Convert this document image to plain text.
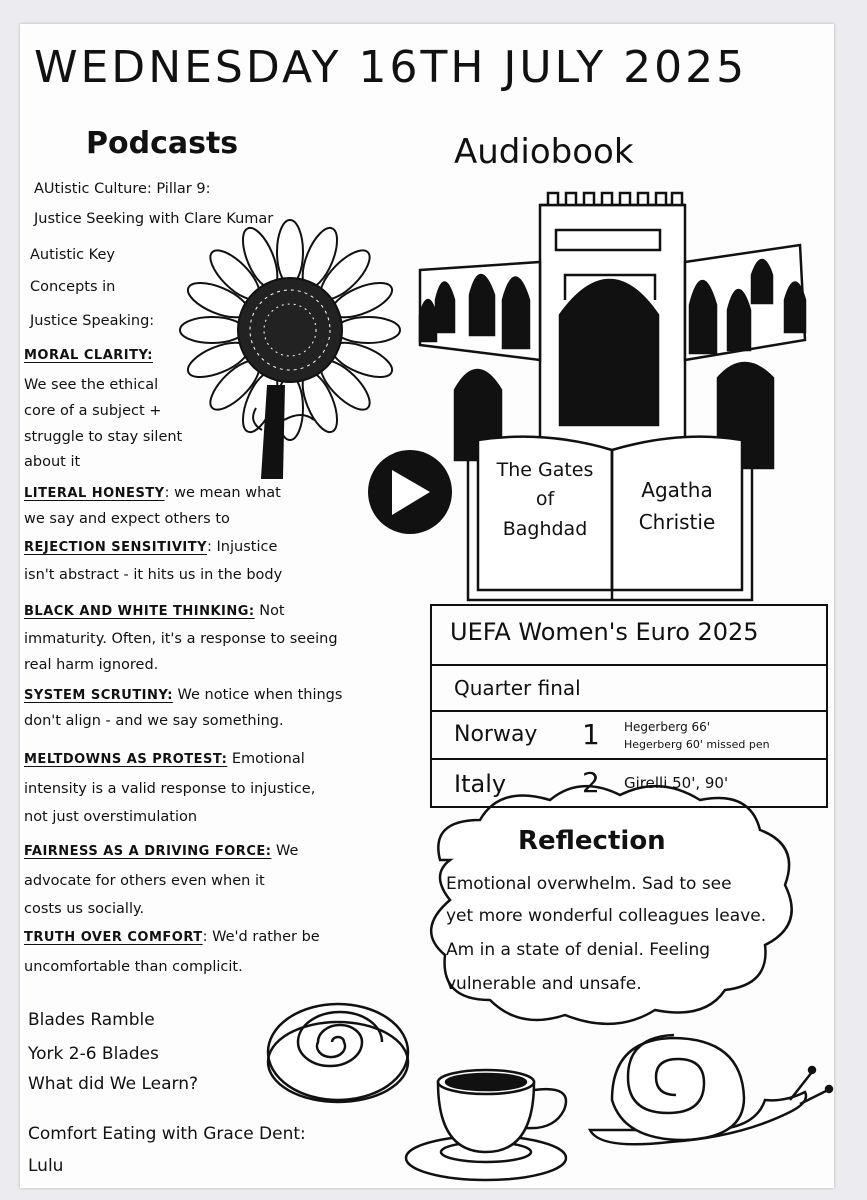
WEDNESDAY 16TH JULY 2025
Podcasts
AUtistic Culture: Pillar 9:
Justice Seeking with Clare Kumar
Autistic Key
Concepts in
Justice Speaking:
MORAL CLARITY:
We see the ethical
core of a subject +
struggle to stay silent
about it
LITERAL HONESTY: we mean what
we say and expect others to
REJECTION SENSITIVITY: Injustice
isn't abstract - it hits us in the body
BLACK AND WHITE THINKING: Not
immaturity. Often, it's a response to seeing
real harm ignored.
SYSTEM SCRUTINY: We notice when things
don't align - and we say something.
MELTDOWNS AS PROTEST: Emotional
intensity is a valid response to injustice,
not just overstimulation
FAIRNESS AS A DRIVING FORCE: We
advocate for others even when it
costs us socially.
TRUTH OVER COMFORT: We'd rather be
uncomfortable than complicit.
Blades Ramble
York 2-6 Blades
What did We Learn?
Comfort Eating with Grace Dent:
Lulu
Audiobook
The Gates
of
Baghdad
Agatha
Christie
UEFA Women's Euro 2025
Quarter final
Norway 1 Hegerberg 66'
Hegerberg 60' missed pen
Italy	2 Girelli 50', 90'
Reflection
Emotional overwhelm. Sad to see
yet more wonderful colleagues leave.
Am in a state of denial. Feeling
vulnerable and unsafe.
